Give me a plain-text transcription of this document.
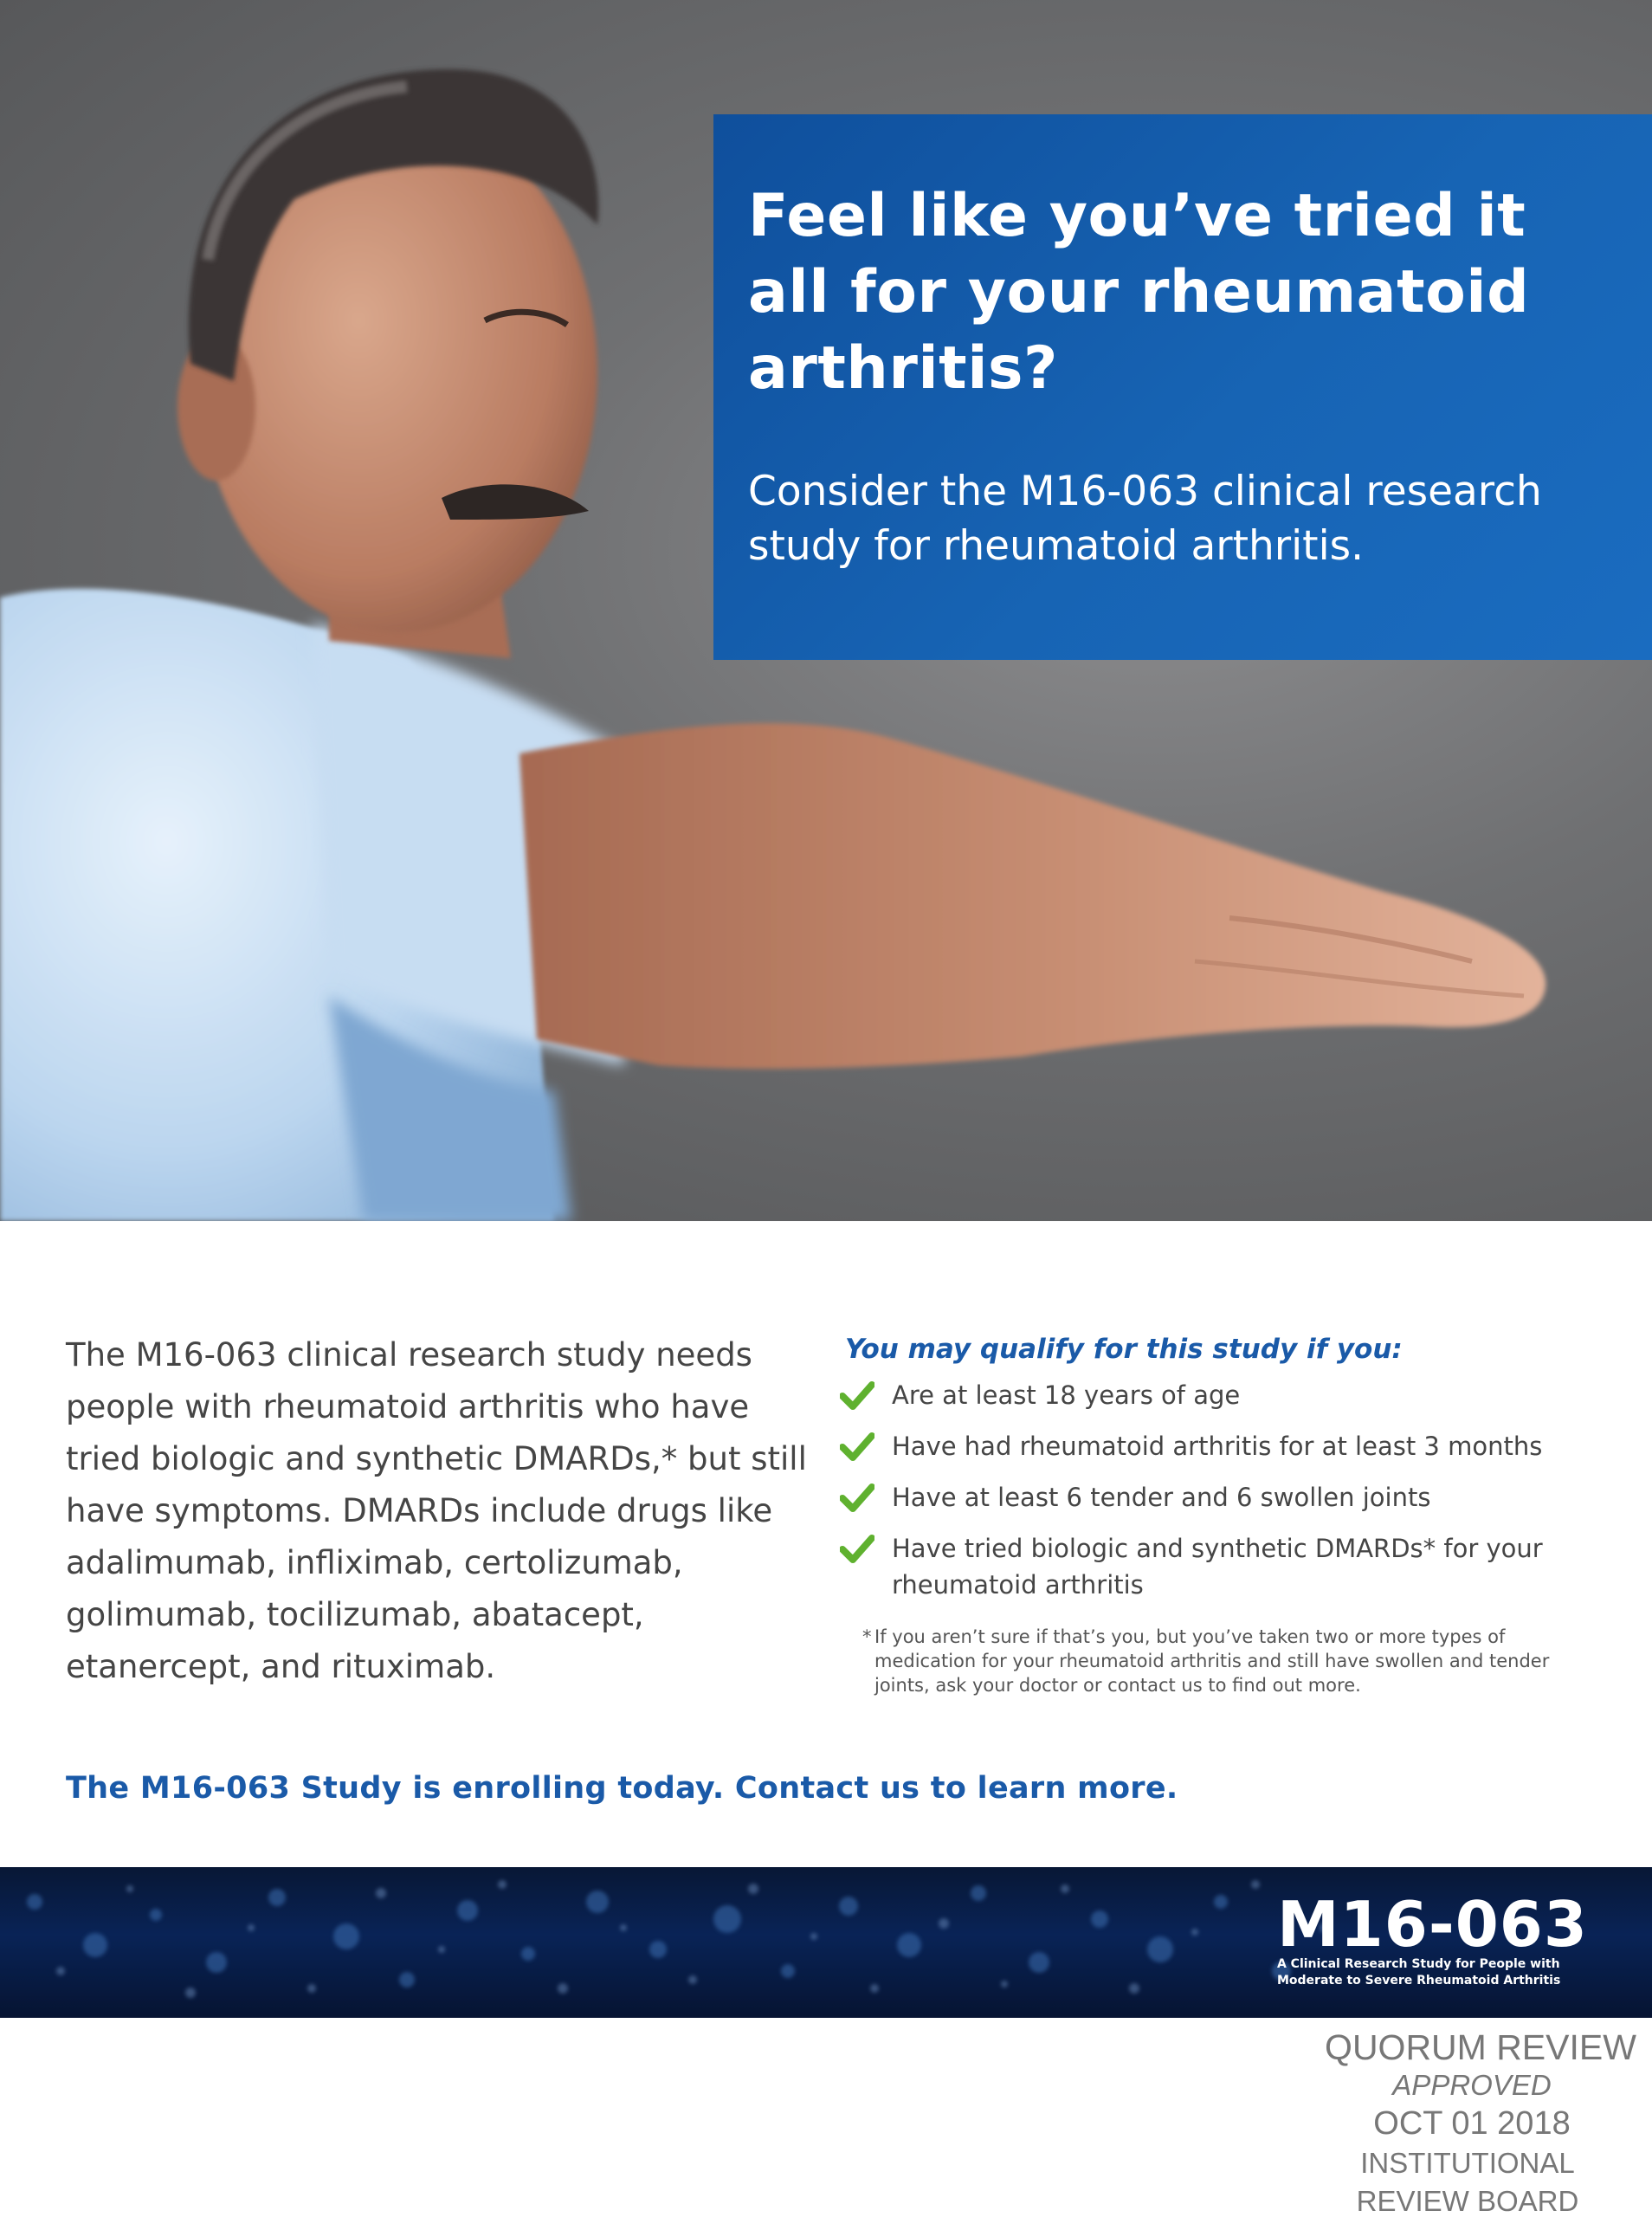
Feel like you’ve tried it all for your rheumatoid arthritis?

Consider the M16-063 clinical research study for rheumatoid arthritis.

The M16-063 clinical research study needs people with rheumatoid arthritis who have tried biologic and synthetic DMARDs,* but still have symptoms. DMARDs include drugs like adalimumab, infliximab, certolizumab, golimumab, tocilizumab, abatacept, etanercept, and rituximab.

You may qualify for this study if you:
Are at least 18 years of age
Have had rheumatoid arthritis for at least 3 months
Have at least 6 tender and 6 swollen joints
Have tried biologic and synthetic DMARDs* for your rheumatoid arthritis

* If you aren’t sure if that’s you, but you’ve taken two or more types of medication for your rheumatoid arthritis and still have swollen and tender joints, ask your doctor or contact us to find out more.

The M16-063 Study is enrolling today. Contact us to learn more.

M16-063
A Clinical Research Study for People with
Moderate to Severe Rheumatoid Arthritis
QUORUM REVIEW
APPROVED
OCT 01 2018
INSTITUTIONAL
REVIEW BOARD
